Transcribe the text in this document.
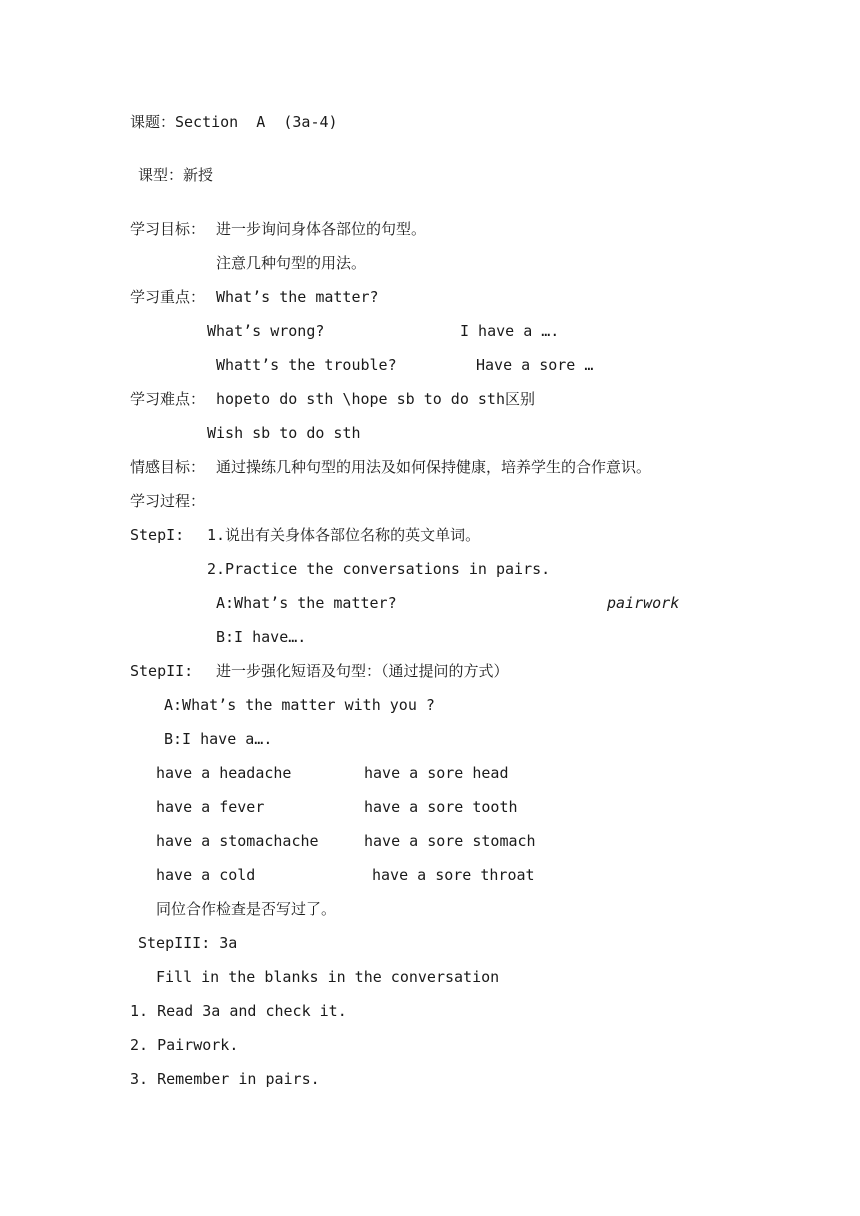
课题：Section  A  (3a-4)
课型：新授
学习目标： 进一步询问身体各部位的句型。
注意几种句型的用法。
学习重点： What’s the matter?
What’s wrong?	I have a ….
Whatt’s the trouble?	Have a sore …
学习难点： hopeto do sth \hope sb to do sth区别
Wish sb to do sth
情感目标： 通过操练几种句型的用法及如何保持健康，培养学生的合作意识。
学习过程：
StepI: 1.说出有关身体各部位名称的英文单词。
2.Practice the conversations in pairs.
A:What’s the matter?	pairwork
B:I have….
StepII: 进一步强化短语及句型：（通过提问的方式）
A:What’s the matter with you ?
B:I have a….
have a headache	have a sore head
have a fever	have a sore tooth
have a stomachache	have a sore stomach
have a cold	have a sore throat
同位合作检查是否写过了。
StepIII: 3a
Fill in the blanks in the conversation
1. Read 3a and check it.
2. Pairwork.
3. Remember in pairs.
